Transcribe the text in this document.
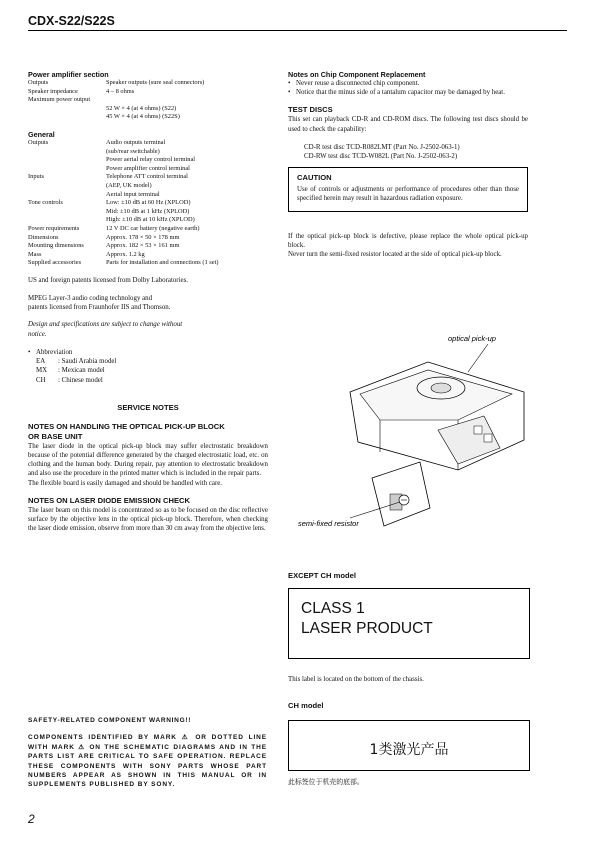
CDX-S22/S22S

Power amplifier section

Outputs	Speaker outputs (sure seal connectors)
Speaker impedance	4 – 8 ohms
Maximum power output
52 W × 4 (at 4 ohms) (S22)
45 W × 4 (at 4 ohms) (S22S)

General

Outputs	Audio outputs terminal
(sub/rear switchable)
Power aerial relay control terminal
Power amplifier control terminal
Inputs	Telephone ATT control terminal
(AEP, UK model)
Aerial input terminal
Tone controls	Low: ±10 dB at 60 Hz (XPLOD)
Mid: ±10 dB at 1 kHz (XPLOD)
High: ±10 dB at 10 kHz (XPLOD)
Power requirements	12 V DC car battery (negative earth)
Dimensions	Approx. 178 × 50 × 178 mm
Mounting dimensions	Approx. 182 × 53 × 161 mm
Mass	Approx. 1.2 kg
Supplied accessories	Parts for installation and connections (1 set)
US and foreign patents licensed from Dolby Laboratories.
MPEG Layer-3 audio coding technology and
patents licensed from Fraunhofer IIS and Thomson.
Design and specifications are subject to change without
notice.
• Abbreviation
EA	: Saudi Arabia model
MX	: Mexican model
CH	: Chinese model
SERVICE NOTES
NOTES ON HANDLING THE OPTICAL PICK-UP BLOCK
OR BASE UNIT
The laser diode in the optical pick-up block may suffer electrostatic breakdown because of the potential difference generated by the charged electrostatic load, etc. on clothing and the human body. During repair, pay attention to electrostatic breakdown and also use the procedure in the printed matter which is included in the repair parts.
The flexible board is easily damaged and should be handled with care.
NOTES ON LASER DIODE EMISSION CHECK
The laser beam on this model is concentrated so as to be focused on the disc reflective surface by the objective lens in the optical pick-up block. Therefore, when checking the laser diode emission, observe from more than 30 cm away from the objective lens.
SAFETY-RELATED COMPONENT WARNING!!
COMPONENTS IDENTIFIED BY MARK ⚠ OR DOTTED LINE WITH MARK ⚠ ON THE SCHEMATIC DIAGRAMS AND IN THE PARTS LIST ARE CRITICAL TO SAFE OPERATION. REPLACE THESE COMPONENTS WITH SONY PARTS WHOSE PART NUMBERS APPEAR AS SHOWN IN THIS MANUAL OR IN SUPPLEMENTS PUBLISHED BY SONY.

Notes on Chip Component Replacement

• Never reuse a disconnected chip component.
• Notice that the minus side of a tantalum capacitor may be damaged by heat.
TEST DISCS
This set can playback CD-R and CD-ROM discs. The following test discs should be used to check the capability:
CD-R test disc TCD-R082LMT (Part No. J-2502-063-1)
CD-RW test disc TCD-W082L (Part No. J-2502-063-2)
CAUTION
Use of controls or adjustments or performance of procedures other than those specified herein may result in hazardous radiation exposure.
If the optical pick-up block is defective, please replace the whole optical pick-up block.
Never turn the semi-fixed resistor located at the side of optical pick-up block.
optical pick-up
semi-fixed resistor
EXCEPT CH model
CLASS 1
LASER PRODUCT
This label is located on the bottom of the chassis.
CH model
1类激光产品
此标签位于机壳的底部。
2
